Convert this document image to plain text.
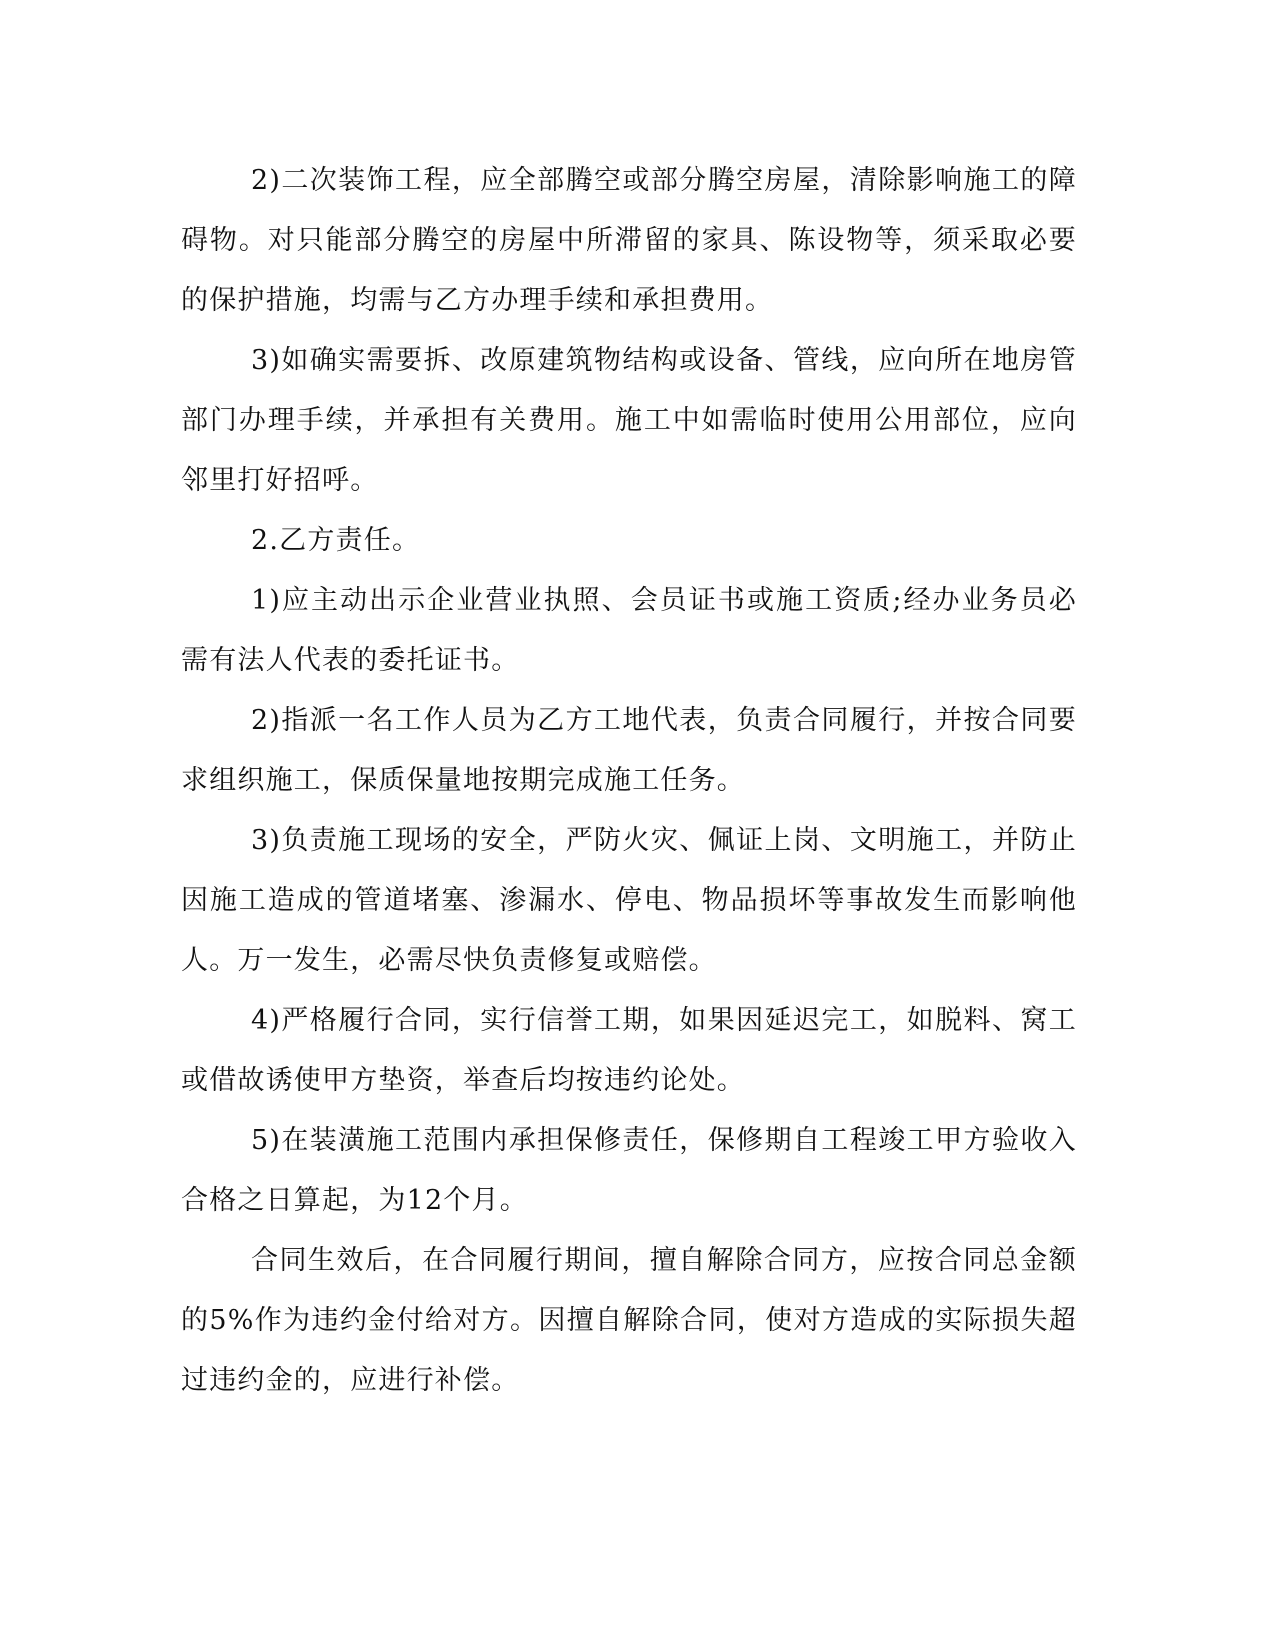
2)二次装饰工程，应全部腾空或部分腾空房屋，清除影响施工的障碍物。对只能部分腾空的房屋中所滞留的家具、陈设物等，须采取必要的保护措施，均需与乙方办理手续和承担费用。

3)如确实需要拆、改原建筑物结构或设备、管线，应向所在地房管部门办理手续，并承担有关费用。施工中如需临时使用公用部位，应向邻里打好招呼。

2.乙方责任。

1)应主动出示企业营业执照、会员证书或施工资质;经办业务员必需有法人代表的委托证书。

2)指派一名工作人员为乙方工地代表，负责合同履行，并按合同要求组织施工，保质保量地按期完成施工任务。

3)负责施工现场的安全，严防火灾、佩证上岗、文明施工，并防止因施工造成的管道堵塞、渗漏水、停电、物品损坏等事故发生而影响他人。万一发生，必需尽快负责修复或赔偿。

4)严格履行合同，实行信誉工期，如果因延迟完工，如脱料、窝工或借故诱使甲方垫资，举查后均按违约论处。

5)在装潢施工范围内承担保修责任，保修期自工程竣工甲方验收入合格之日算起，为12个月。

合同生效后，在合同履行期间，擅自解除合同方，应按合同总金额的5%作为违约金付给对方。因擅自解除合同，使对方造成的实际损失超过违约金的，应进行补偿。
